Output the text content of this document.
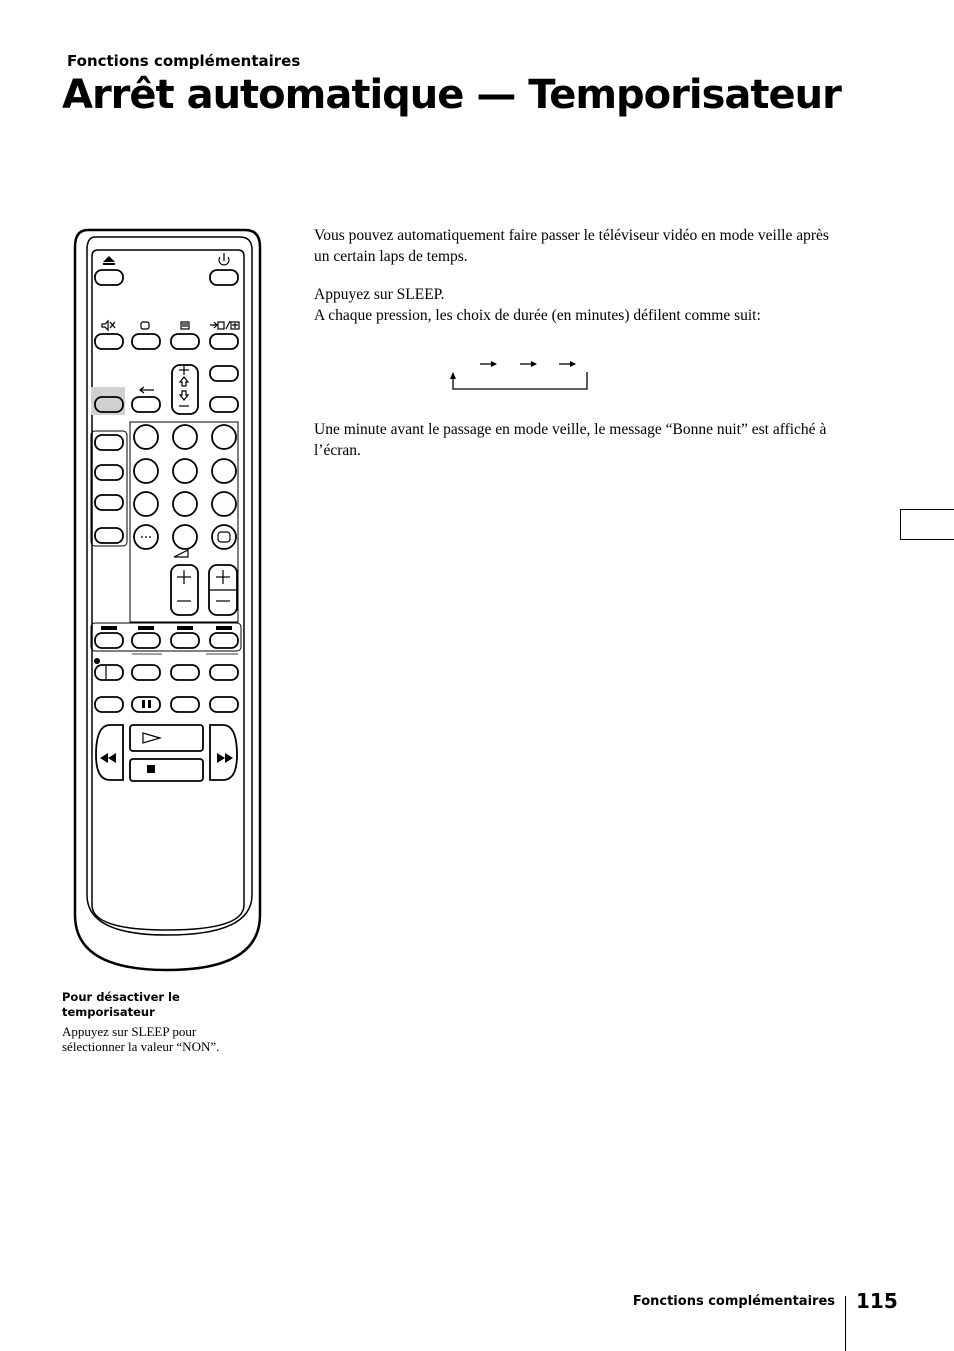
Fonctions complémentaires
Arrêt automatique — Temporisateur

Vous pouvez automatiquement faire passer le téléviseur vidéo en mode veille après un certain laps de temps.

Appuyez sur SLEEP.
A chaque pression, les choix de durée (en minutes) défilent comme suit:

Une minute avant le passage en mode veille, le message “Bonne nuit” est affiché à l’écran.

Pour désactiver le temporisateur
Appuyez sur SLEEP pour sélectionner la valeur “NON”.
Fonctions complémentaires 115
